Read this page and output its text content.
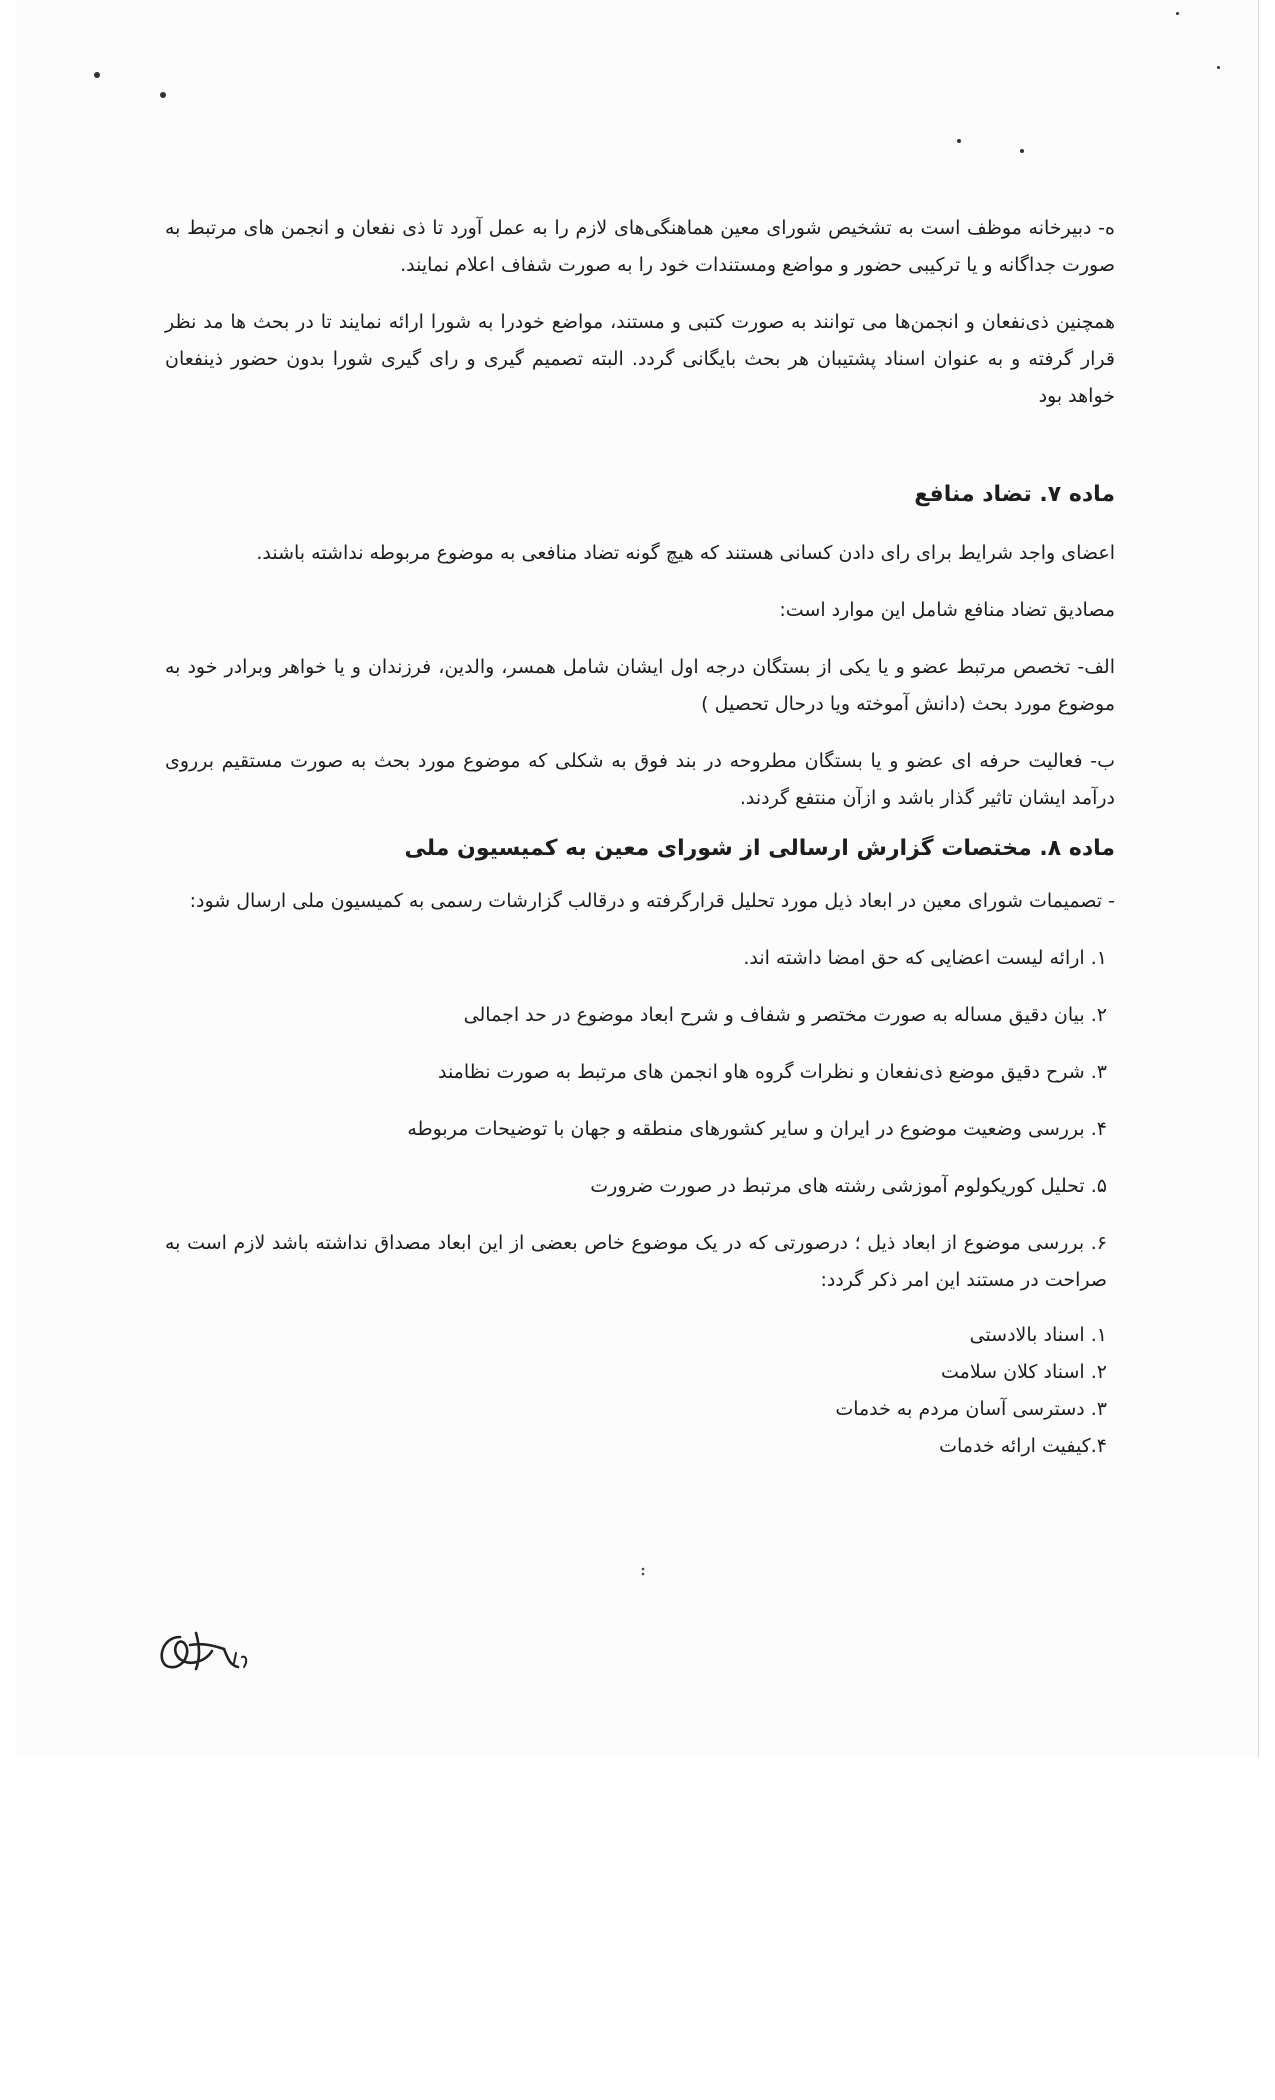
ه- دبیرخانه موظف است به تشخیص شورای معین هماهنگی‌های لازم را به عمل آورد تا ذی نفعان و انجمن های مرتبط به صورت جداگانه و یا ترکیبی حضور و مواضع ومستندات خود را به صورت شفاف اعلام نمایند.

همچنین ذی‌نفعان و انجمن‌ها می توانند به صورت کتبی و مستند، مواضع خودرا به شورا ارائه نمایند تا در بحث ها مد نظر قرار گرفته و به عنوان اسناد پشتیبان هر بحث بایگانی گردد. البته تصمیم گیری و رای گیری شورا بدون حضور ذینفعان خواهد بود

ماده ۷. تضاد منافع

اعضای واجد شرایط برای رای دادن کسانی هستند که هیچ گونه تضاد منافعی به موضوع مربوطه نداشته باشند.

مصادیق تضاد منافع شامل این موارد است:

الف- تخصص مرتبط عضو و یا یکی از بستگان درجه اول ایشان شامل همسر، والدین، فرزندان و یا خواهر وبرادر خود به موضوع مورد بحث (دانش آموخته ویا درحال تحصیل )

ب- فعالیت حرفه ای عضو و یا بستگان مطروحه در بند فوق به شکلی که موضوع مورد بحث به صورت مستقیم برروی درآمد ایشان تاثیر گذار باشد و ازآن منتفع گردند.

ماده ۸. مختصات گزارش ارسالی از شورای معین به کمیسیون ملی

- تصمیمات شورای معین در ابعاد ذیل مورد تحلیل قرارگرفته و درقالب گزارشات رسمی به کمیسیون ملی ارسال شود:

۱. ارائه لیست اعضایی که حق امضا داشته اند.
۲. بیان دقیق مساله به صورت مختصر و شفاف و شرح ابعاد موضوع در حد اجمالی
۳. شرح دقیق موضع ذی‌نفعان و نظرات گروه هاو انجمن های مرتبط به صورت نظامند
۴. بررسی وضعیت موضوع در ایران و سایر کشورهای منطقه و جهان با توضیحات مربوطه
۵. تحلیل کوریکولوم آموزشی رشته های مرتبط در صورت ضرورت
۶. بررسی موضوع از ابعاد ذیل ؛ درصورتی که در یک موضوع خاص بعضی از این ابعاد مصداق نداشته باشد لازم است به صراحت در مستند این امر ذکر گردد:
۱. اسناد بالادستی
۲. اسناد کلان سلامت
۳. دسترسی آسان مردم به خدمات
۴.کیفیت ارائه خدمات
